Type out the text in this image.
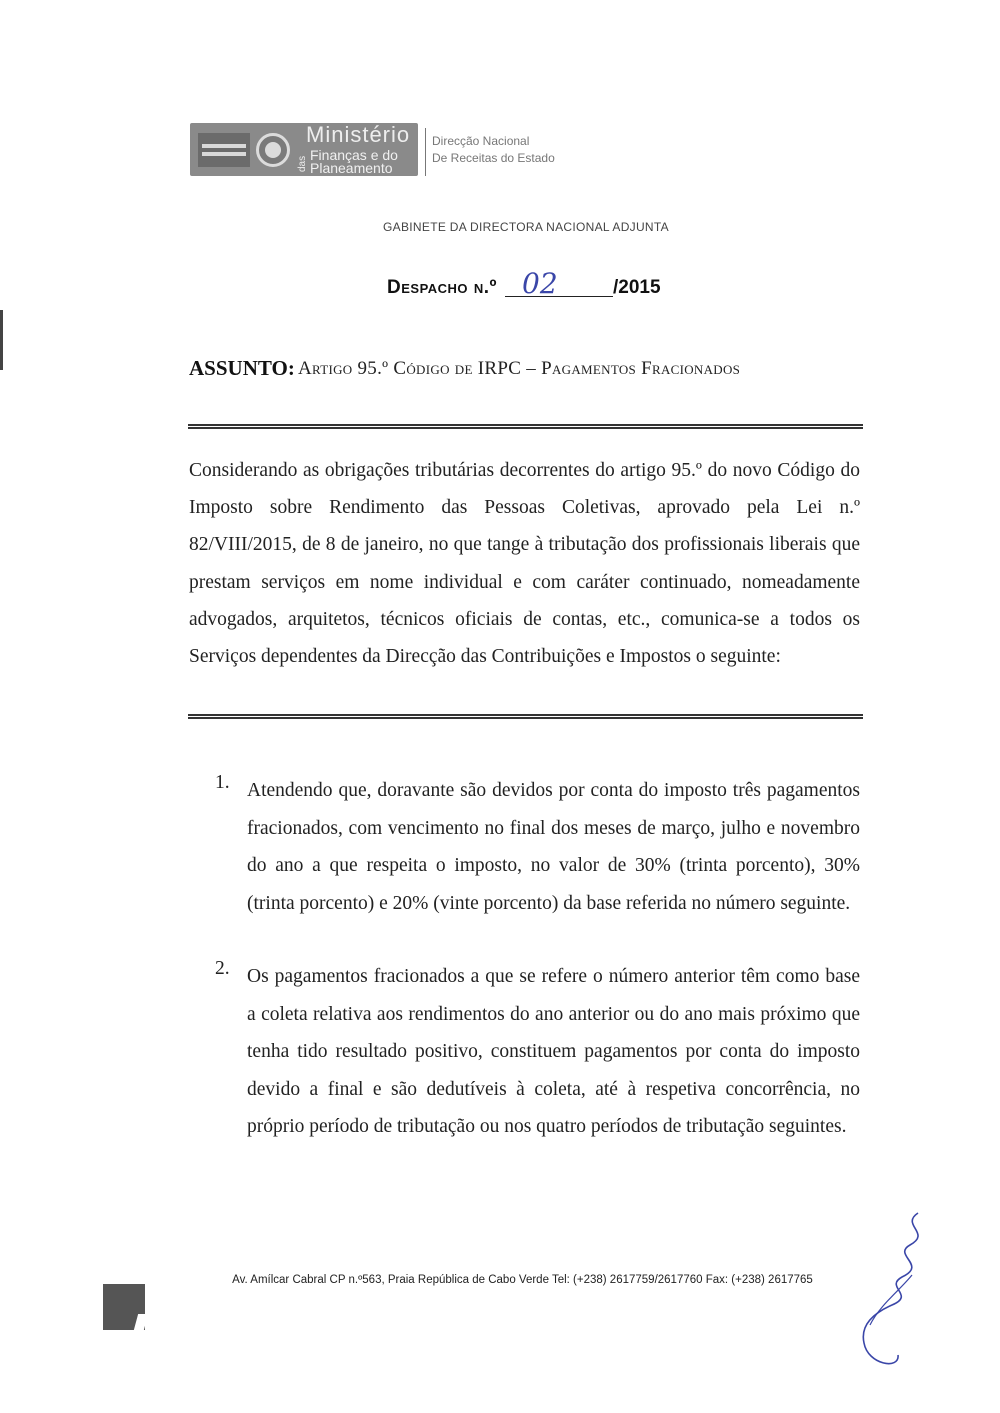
Ministério
das
Finanças e do
Planeamento
Direcção Nacional
De Receitas do Estado
GABINETE DA DIRECTORA NACIONAL ADJUNTA
Despacho n.º 02	/2015
ASSUNTO: Artigo 95.º Código de IRPC – Pagamentos Fracionados

Considerando as obrigações tributárias decorrentes do artigo 95.º do novo Código do Imposto sobre Rendimento das Pessoas Coletivas, aprovado pela Lei n.º 82/VIII/2015, de 8 de janeiro, no que tange à tributação dos profissionais liberais que prestam serviços em nome individual e com caráter continuado, nomeadamente advogados, arquitetos, técnicos oficiais de contas, etc., comunica-se a todos os Serviços dependentes da Direcção das Contribuições e Impostos o seguinte:

1. Atendendo que, doravante são devidos por conta do imposto três pagamentos fracionados, com vencimento no final dos meses de março, julho e novembro do ano a que respeita o imposto, no valor de 30% (trinta porcento), 30% (trinta porcento) e 20% (vinte porcento) da base referida no número seguinte.

2. Os pagamentos fracionados a que se refere o número anterior têm como base a coleta relativa aos rendimentos do ano anterior ou do ano mais próximo que tenha tido resultado positivo, constituem pagamentos por conta do imposto devido a final e são dedutíveis à coleta, até à respetiva concorrência, no próprio período de tributação ou nos quatro períodos de tributação seguintes.

Av. Amílcar Cabral CP n.º563, Praia República de Cabo Verde Tel: (+238) 2617759/2617760 Fax: (+238) 2617765
